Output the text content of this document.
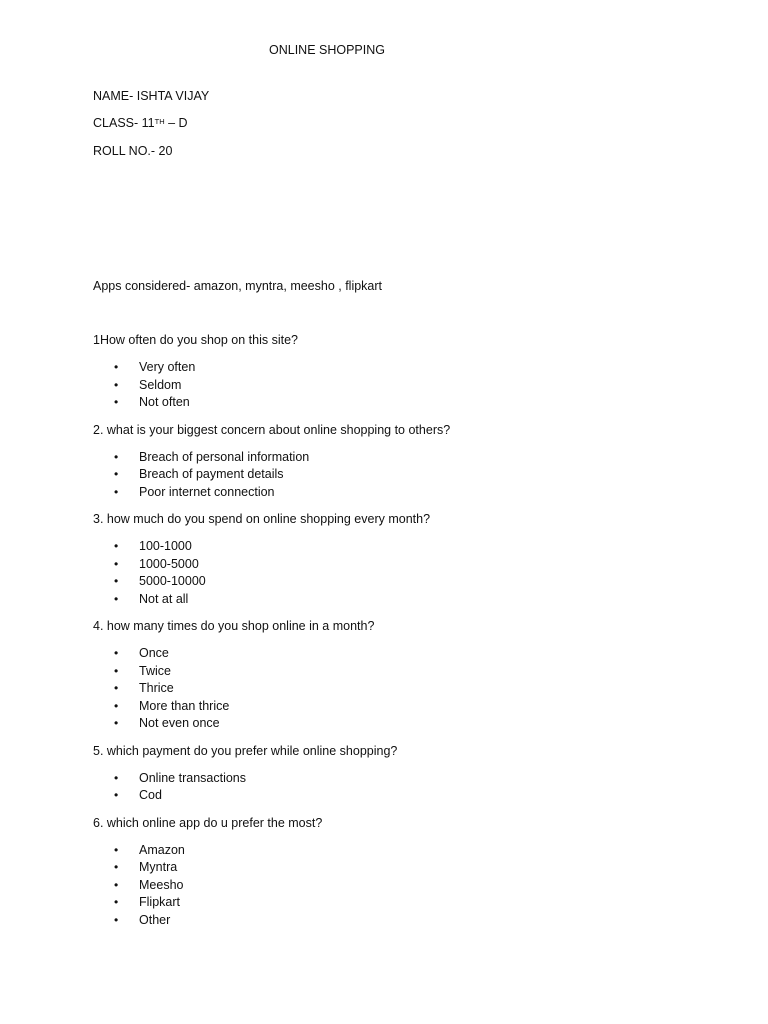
ONLINE SHOPPING
NAME- ISHTA VIJAY
CLASS- 11TH – D
ROLL NO.- 20
Apps considered- amazon, myntra, meesho , flipkart

1How often do you shop on this site?

• Very often
• Seldom
• Not often

2. what is your biggest concern about online shopping to others?

• Breach of personal information
• Breach of payment details
• Poor internet connection

3. how much do you spend on online shopping every month?

• 100-1000
• 1000-5000
• 5000-10000
• Not at all

4. how many times do you shop online in a month?

• Once
• Twice
• Thrice
• More than thrice
• Not even once

5. which payment do you prefer while online shopping?

• Online transactions
• Cod

6. which online app do u prefer the most?

• Amazon
• Myntra
• Meesho
• Flipkart
• Other
